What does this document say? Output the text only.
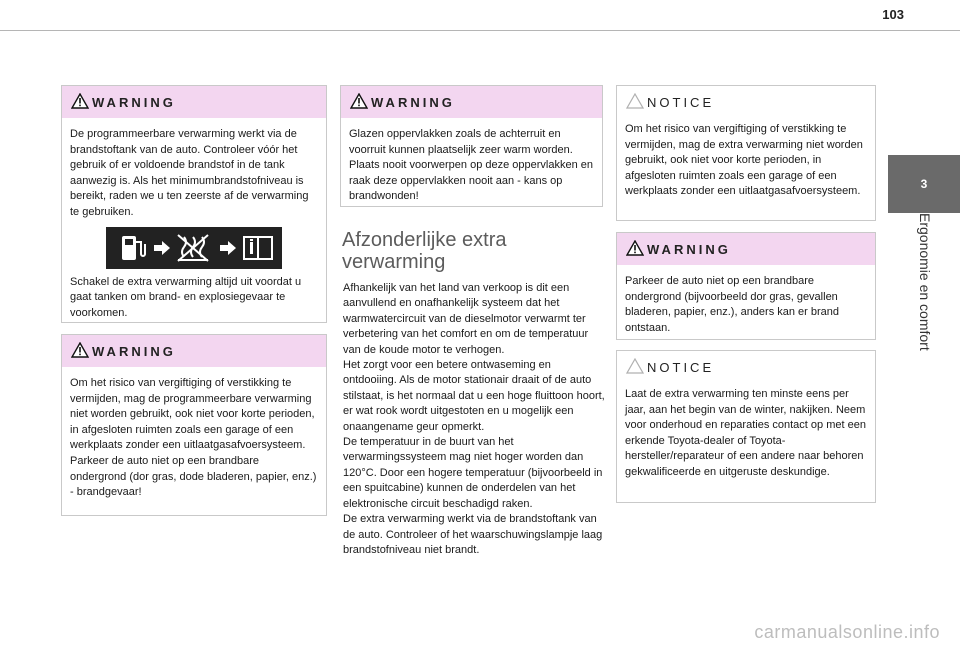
103
3
Ergonomie en comfort
WARNING

De programmeerbare verwarming werkt via de brandstoftank van de auto. Controleer vóór het gebruik of er voldoende brandstof in de tank aanwezig is. Als het minimumbrandstofniveau is bereikt, raden we u ten zeerste af de verwarming te gebruiken.

Schakel de extra verwarming altijd uit voordat u gaat tanken om brand- en explosiegevaar te voorkomen.

WARNING
Om het risico van vergiftiging of verstikking te vermijden, mag de programmeerbare verwarming niet worden gebruikt, ook niet voor korte perioden, in afgesloten ruimten zoals een garage of een werkplaats zonder een uitlaatgasafvoersysteem.
Parkeer de auto niet op een brandbare ondergrond (dor gras, dode bladeren, papier, enz.) - brandgevaar!
WARNING
Glazen oppervlakken zoals de achterruit en voorruit kunnen plaatselijk zeer warm worden. Plaats nooit voorwerpen op deze oppervlakken en raak deze oppervlakken nooit aan - kans op brandwonden!
Afzonderlijke extra verwarming
Afhankelijk van het land van verkoop is dit een aanvullend en onafhankelijk systeem dat het warmwatercircuit van de dieselmotor verwarmt ter verbetering van het comfort en om de temperatuur van de koude motor te verhogen.
Het zorgt voor een betere ontwaseming en ontdooiing. Als de motor stationair draait of de auto stilstaat, is het normaal dat u een hoge fluittoon hoort, er wat rook wordt uitgestoten en u mogelijk een onaangename geur opmerkt.
De temperatuur in de buurt van het verwarmingssysteem mag niet hoger worden dan 120°C. Door een hogere temperatuur (bijvoorbeeld in een spuitcabine) kunnen de onderdelen van het elektronische circuit beschadigd raken.
De extra verwarming werkt via de brandstoftank van de auto. Controleer of het waarschuwingslampje laag brandstofniveau niet brandt.
NOTICE
Om het risico van vergiftiging of verstikking te vermijden, mag de extra verwarming niet worden gebruikt, ook niet voor korte perioden, in afgesloten ruimten zoals een garage of een werkplaats zonder een uitlaatgasafvoersysteem.
WARNING
Parkeer de auto niet op een brandbare ondergrond (bijvoorbeeld dor gras, gevallen bladeren, papier, enz.), anders kan er brand ontstaan.
NOTICE
Laat de extra verwarming ten minste eens per jaar, aan het begin van de winter, nakijken. Neem voor onderhoud en reparaties contact op met een erkende Toyota-dealer of Toyota-hersteller/reparateur of een andere naar behoren gekwalificeerde en uitgeruste deskundige.
carmanualsonline.info
